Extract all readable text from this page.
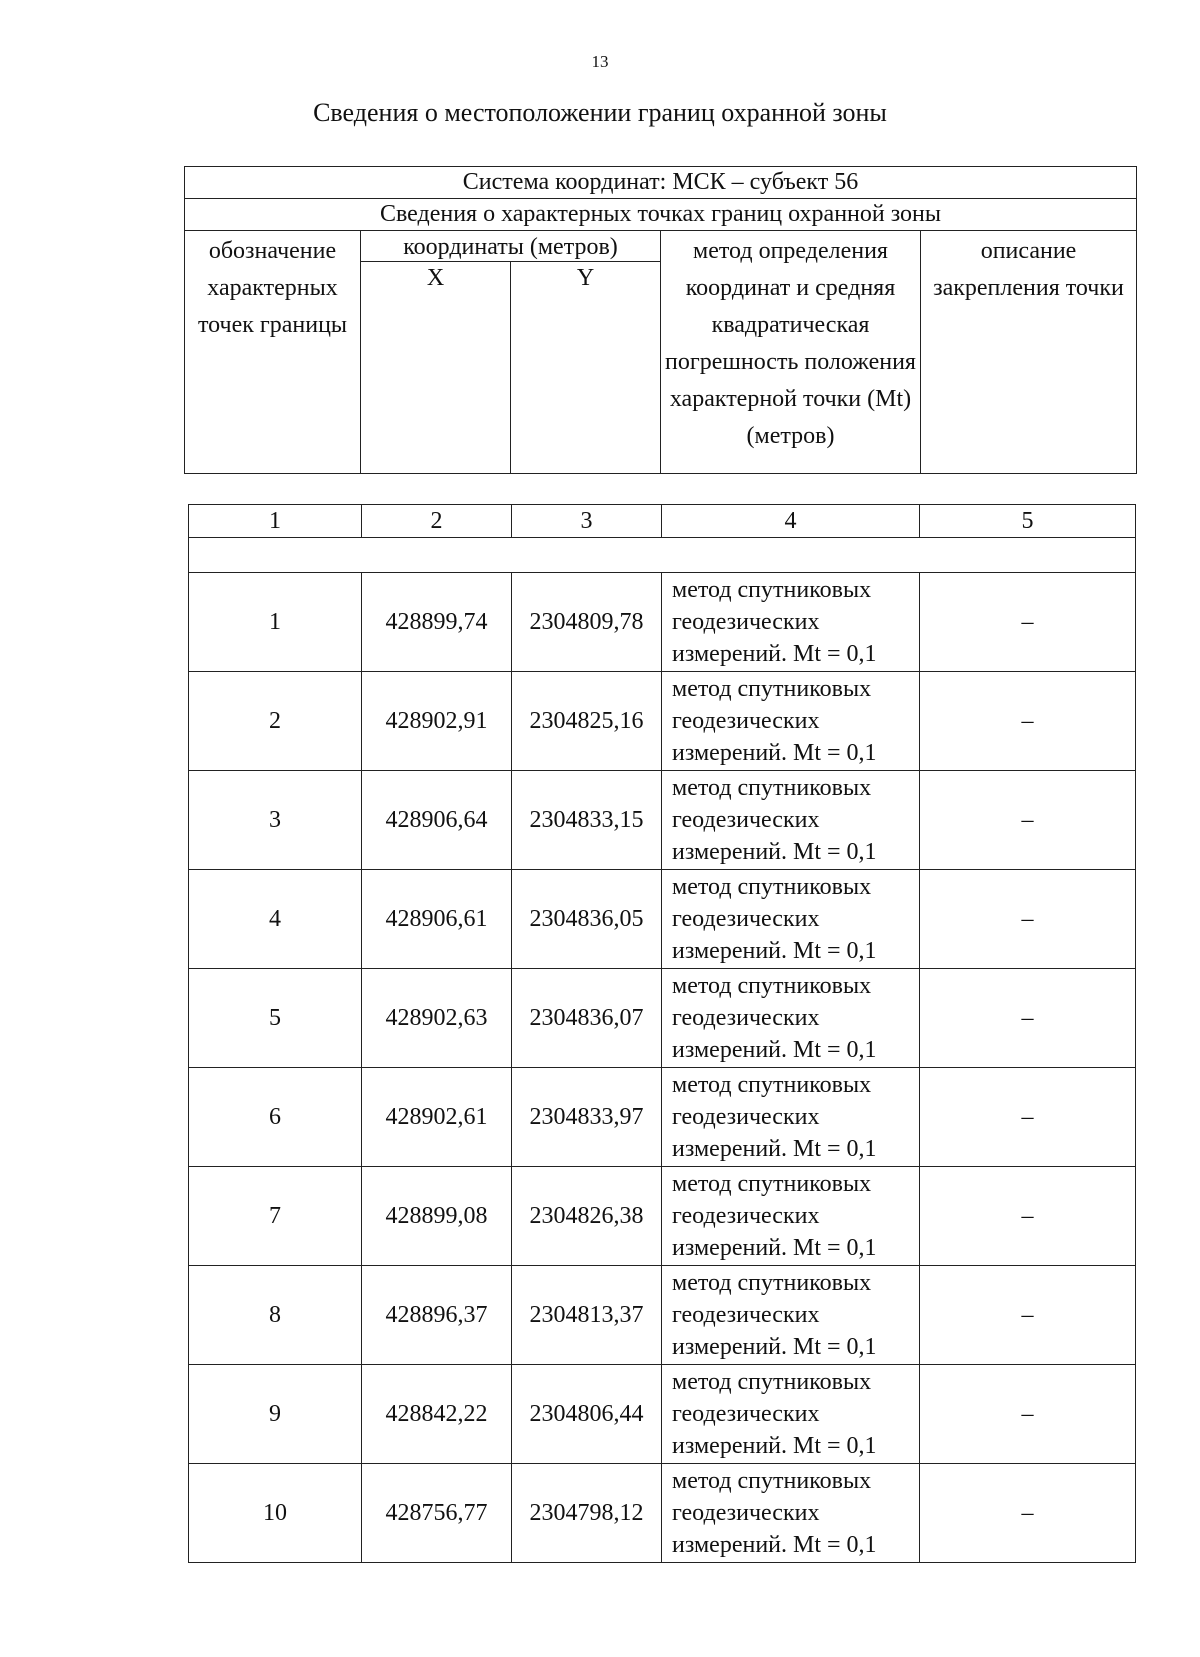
13
Сведения о местоположении границ охранной зоны
Система координат: МСК – субъект 56				
Сведения о характерных точках границ охранной зоны				
обозначение характерных точек границы	координаты (метров)		метод определения координат и средняя квадратическая погрешность положения характерной точки (Mt) (метров)	описание закрепления точки
	X	Y		
1	2	3	4	5

1	428899,74	2304809,78	метод спутниковых геодезических измерений. Mt = 0,1	–
2	428902,91	2304825,16	метод спутниковых геодезических измерений. Mt = 0,1	–
3	428906,64	2304833,15	метод спутниковых геодезических измерений. Mt = 0,1	–
4	428906,61	2304836,05	метод спутниковых геодезических измерений. Mt = 0,1	–
5	428902,63	2304836,07	метод спутниковых геодезических измерений. Mt = 0,1	–
6	428902,61	2304833,97	метод спутниковых геодезических измерений. Mt = 0,1	–
7	428899,08	2304826,38	метод спутниковых геодезических измерений. Mt = 0,1	–
8	428896,37	2304813,37	метод спутниковых геодезических измерений. Mt = 0,1	–
9	428842,22	2304806,44	метод спутниковых геодезических измерений. Mt = 0,1	–
10	428756,77	2304798,12	метод спутниковых геодезических измерений. Mt = 0,1	–
